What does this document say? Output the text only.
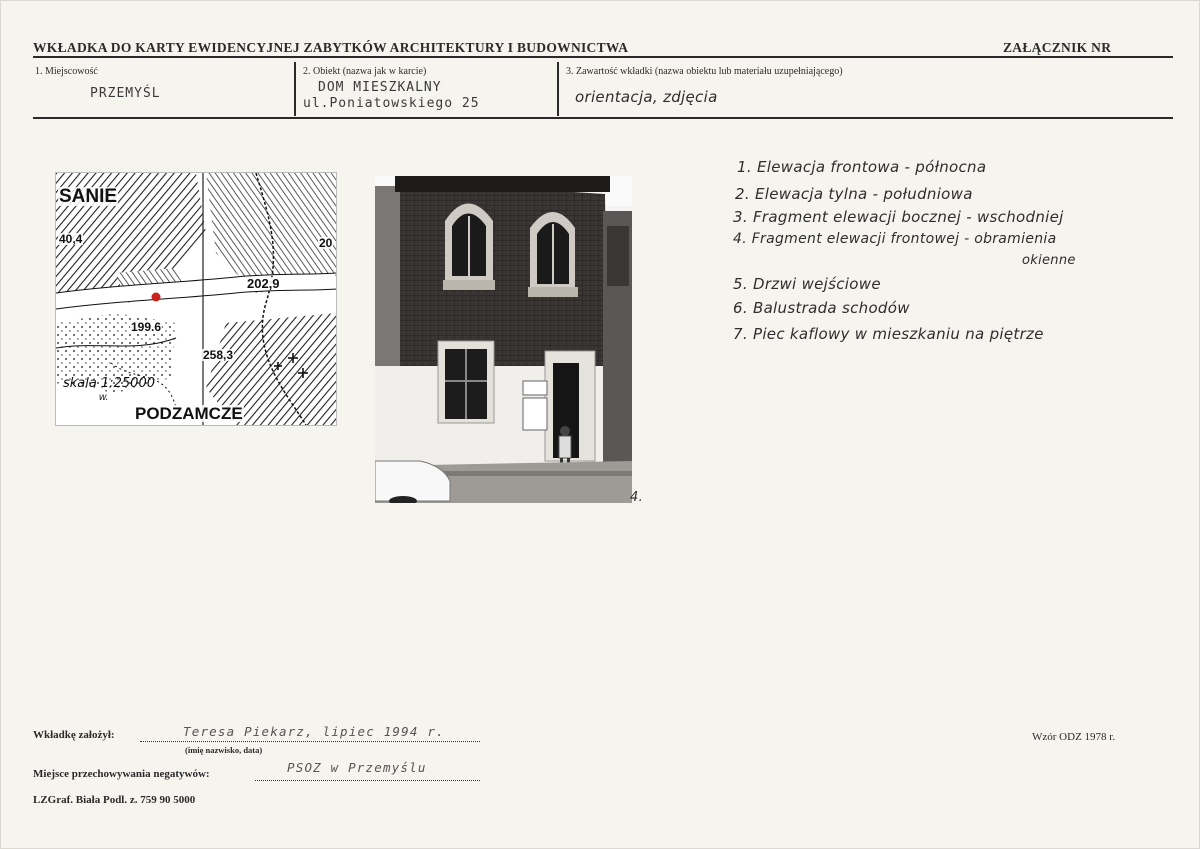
WKŁADKA DO KARTY EWIDENCYJNEJ ZABYTKÓW ARCHITEKTURY I BUDOWNICTWA	ZAŁĄCZNIK NR
1. Miejscowość
PRZEMYŚL
2. Obiekt (nazwa jak w karcie)
DOM MIESZKALNY
ul.Poniatowskiego 25
3. Zawartość wkładki (nazwa obiektu lub materiału uzupełniającego)
orientacja, zdjęcia
SANIE
40,4	20
202,9
199.6
258,3
skala 1:25000
w.
PODZAMCZE
4.
1. Elewacja frontowa - północna
2. Elewacja tylna - południowa
3. Fragment elewacji bocznej - wschodniej
4. Fragment elewacji frontowej - obramienia
okienne
5. Drzwi wejściowe
6. Balustrada schodów
7. Piec kaflowy w mieszkaniu na piętrze
Wkładkę założył:	Teresa Piekarz, lipiec 1994 r.
(imię nazwisko, data)
Miejsce przechowywania negatywów:	PSOZ w Przemyślu
LZGraf. Biała Podl. z. 759 90 5000
Wzór ODZ 1978 r.
